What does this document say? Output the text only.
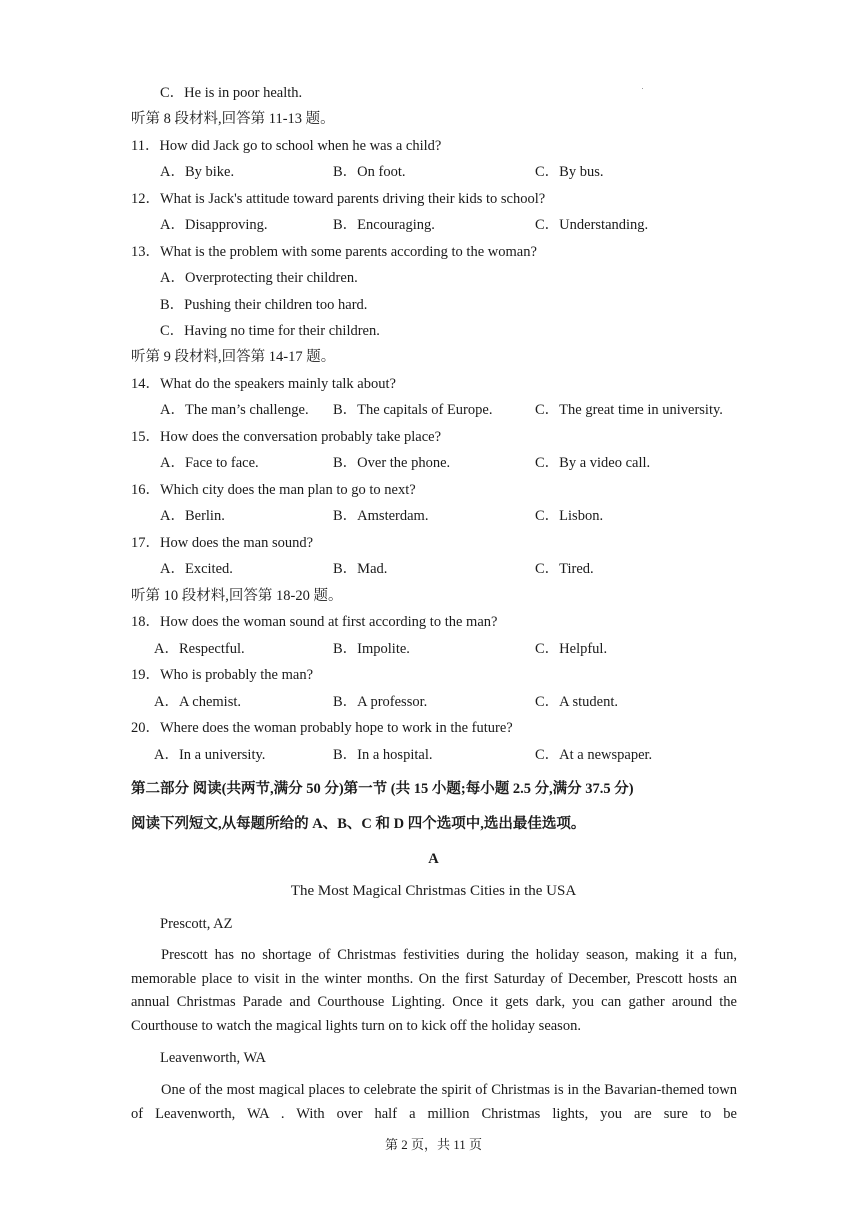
C．He is in poor health.
听第 8 段材料,回答第 11-13 题。
11．How did Jack go to school when he was a child?
A．By bike.	B．On foot.	C．By bus.
12．What is Jack's attitude toward parents driving their kids to school?
A．Disapproving.	B．Encouraging.	C．Understanding.
13．What is the problem with some parents according to the woman?
A．Overprotecting their children.
B．Pushing their children too hard.
C．Having no time for their children.
听第 9 段材料,回答第 14-17 题。
14．What do the speakers mainly talk about?
A．The man’s challenge. B．The capitals of Europe.	C．The great time in university.
15．How does the conversation probably take place?
A．Face to face.	B．Over the phone.	C．By a video call.
16．Which city does the man plan to go to next?
A．Berlin.	B．Amsterdam.	C．Lisbon.
17．How does the man sound?
A．Excited.	B．Mad.	C．Tired.
听第 10 段材料,回答第 18-20 题。
18．How does the woman sound at first according to the man?
A．Respectful.	B．Impolite.	C．Helpful.
19．Who is probably the man?
A．A chemist.	B．A professor.	C．A student.
20．Where does the woman probably hope to work in the future?
A．In a university.	B．In a hospital.	C．At a newspaper.
第二部分 阅读(共两节,满分 50 分)第一节 (共 15 小题;每小题 2.5 分,满分 37.5 分)
阅读下列短文,从每题所给的 A、B、C 和 D 四个选项中,选出最佳选项。
A
The Most Magical Christmas Cities in the USA
Prescott, AZ
Prescott has no shortage of Christmas festivities during the holiday season, making it a fun, memorable place to visit in the winter months. On the first Saturday of December, Prescott hosts an annual Christmas Parade and Courthouse Lighting. Once it gets dark, you can gather around the Courthouse to watch the magical lights turn on to kick off the holiday season.
Leavenworth, WA
One of the most magical places to celebrate the spirit of Christmas is in the Bavarian-themed town of Leavenworth, WA . With over half a million Christmas lights, you are sure to be
第 2 页，共 11 页
